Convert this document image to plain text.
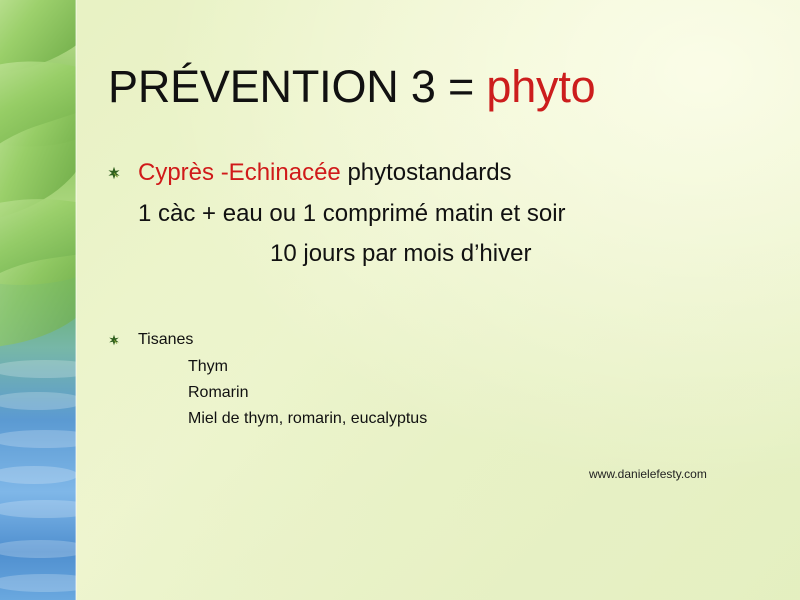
PRÉVENTION 3 = phyto
Cyprès -Echinacée phytostandards
1 càc + eau ou 1 comprimé matin et soir
10 jours par mois d’hiver
Tisanes
Thym
Romarin
Miel de thym, romarin, eucalyptus
www.danielefesty.com
